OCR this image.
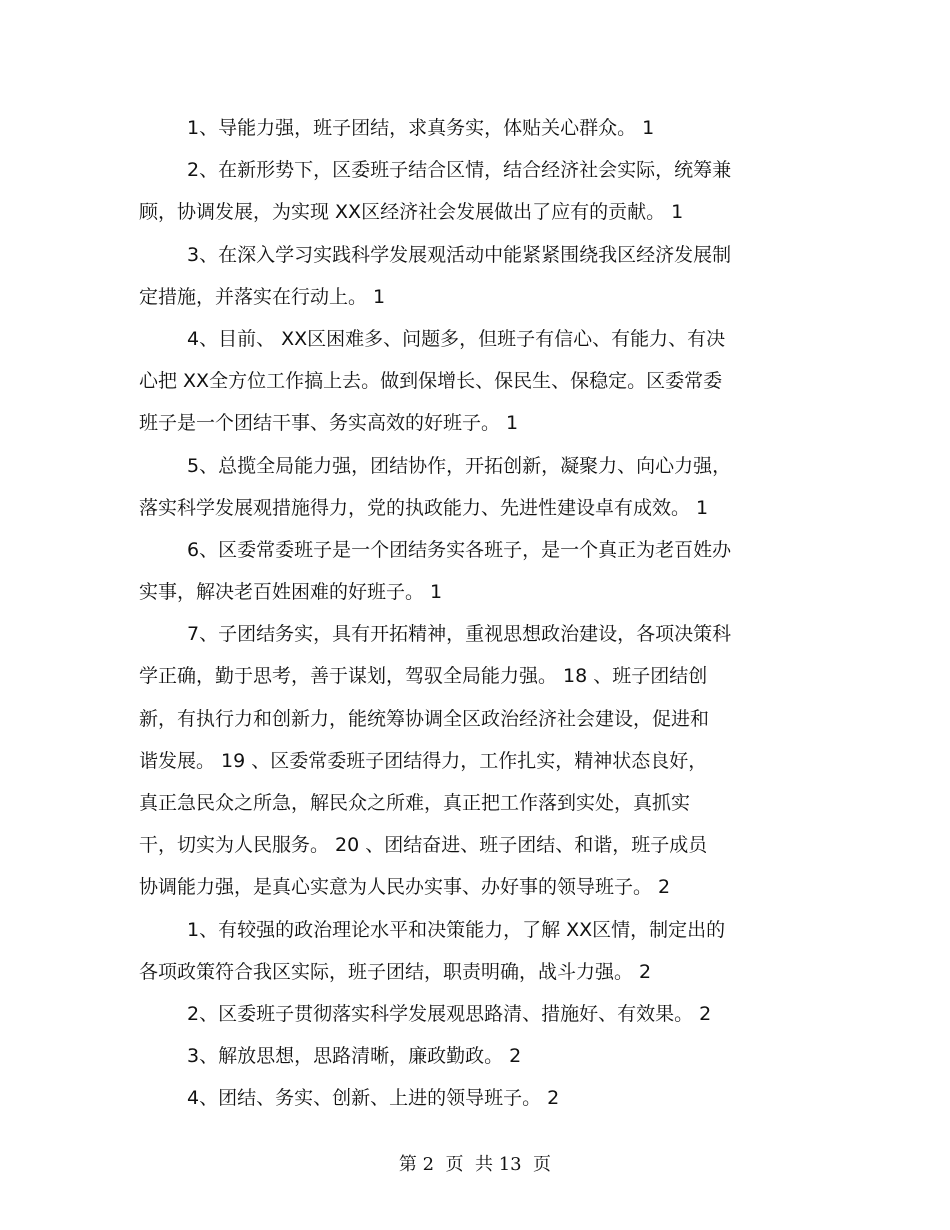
1、导能力强，班子团结，求真务实，体贴关心群众。 1
2、在新形势下，区委班子结合区情，结合经济社会实际，统筹兼
顾，协调发展，为实现 XX区经济社会发展做出了应有的贡献。 1
3、在深入学习实践科学发展观活动中能紧紧围绕我区经济发展制
定措施，并落实在行动上。 1
4、目前、 XX区困难多、问题多，但班子有信心、有能力、有决
心把 XX全方位工作搞上去。做到保增长、保民生、保稳定。区委常委
班子是一个团结干事、务实高效的好班子。 1
5、总揽全局能力强，团结协作，开拓创新，凝聚力、向心力强，
落实科学发展观措施得力，党的执政能力、先进性建设卓有成效。 1
6、区委常委班子是一个团结务实各班子，是一个真正为老百姓办
实事，解决老百姓困难的好班子。 1
7、子团结务实，具有开拓精神，重视思想政治建设，各项决策科
学正确，勤于思考，善于谋划，驾驭全局能力强。 18 、班子团结创
新，有执行力和创新力，能统筹协调全区政治经济社会建设，促进和
谐发展。 19 、区委常委班子团结得力，工作扎实，精神状态良好，
真正急民众之所急，解民众之所难，真正把工作落到实处，真抓实
干，切实为人民服务。 20 、团结奋进、班子团结、和谐，班子成员
协调能力强，是真心实意为人民办实事、办好事的领导班子。 2
1、有较强的政治理论水平和决策能力，了解 XX区情，制定出的
各项政策符合我区实际，班子团结，职责明确，战斗力强。 2
2、区委班子贯彻落实科学发展观思路清、措施好、有效果。 2
3、解放思想，思路清晰，廉政勤政。 2
4、团结、务实、创新、上进的领导班子。 2
第 2  页  共 13  页
